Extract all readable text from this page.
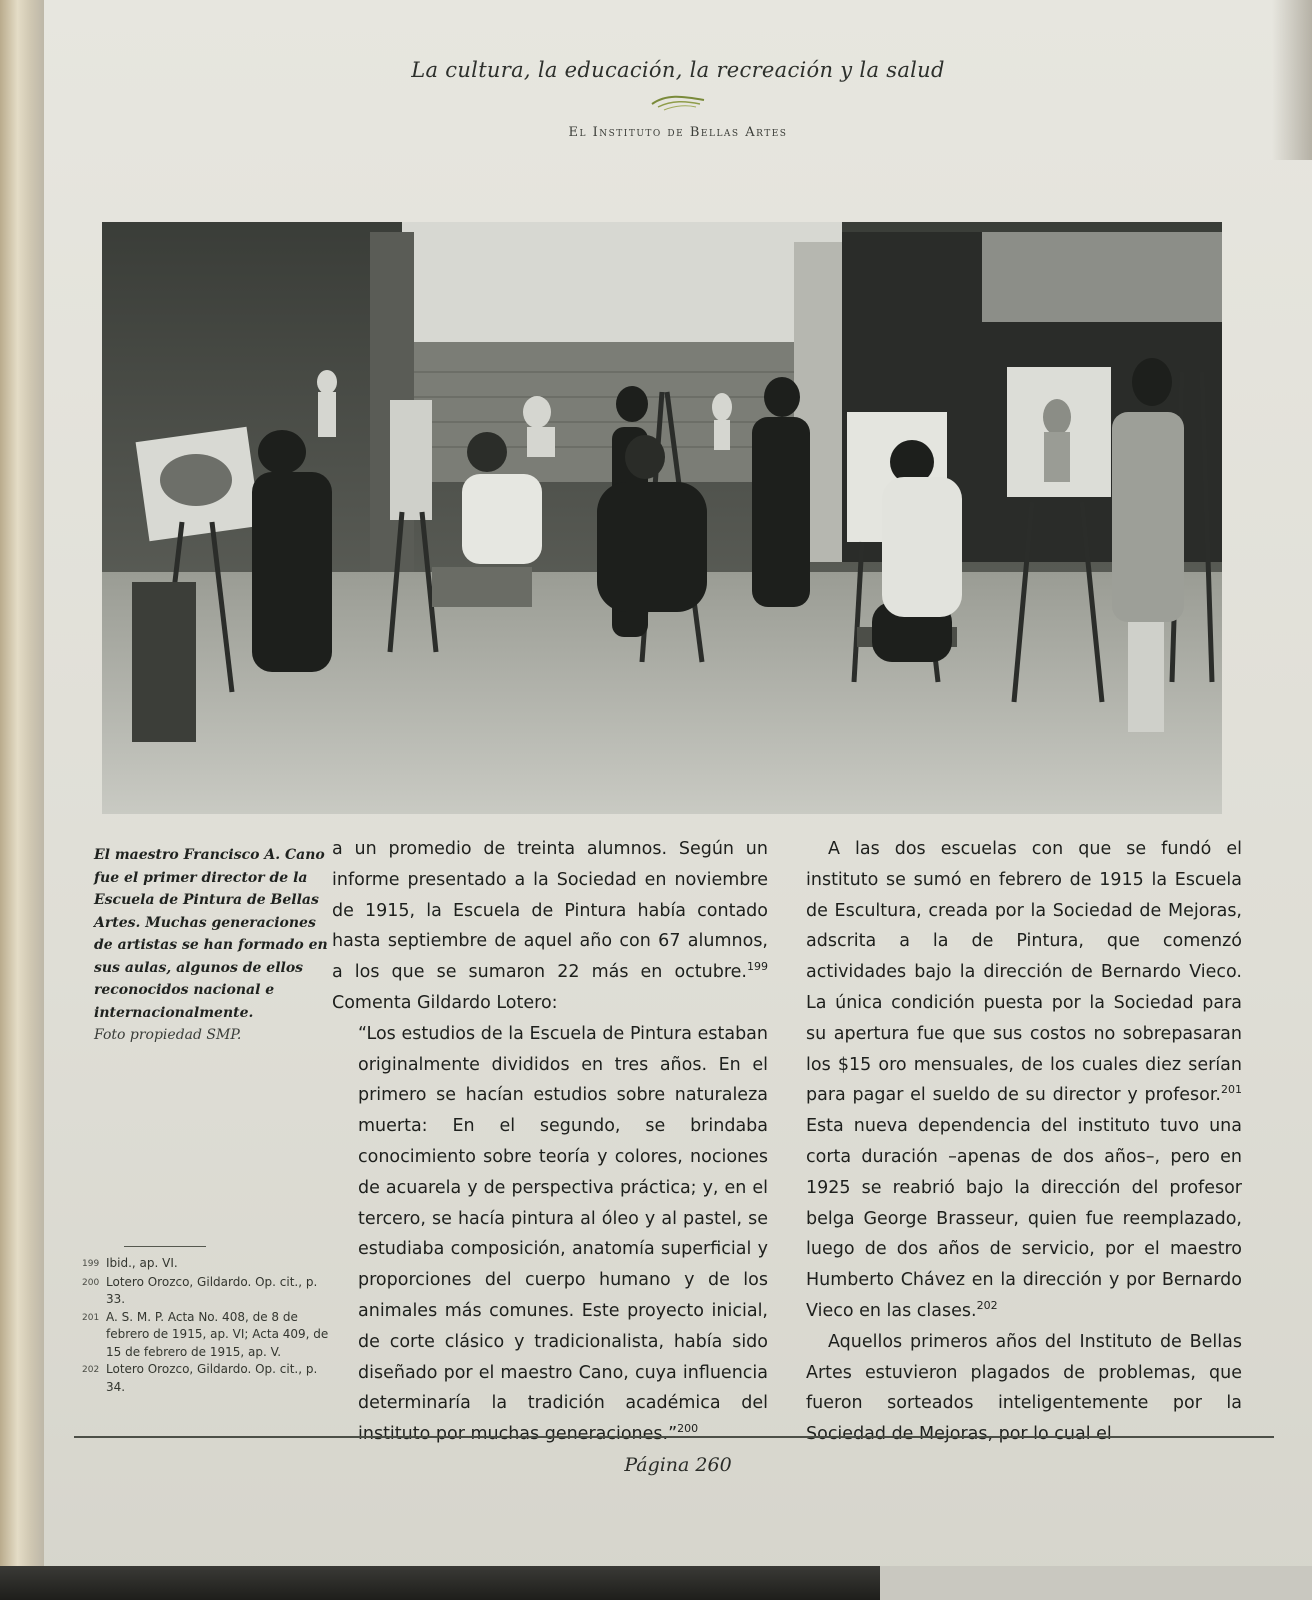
La cultura, la educación, la recreación y la salud
El Instituto de Bellas Artes
El maestro Francisco A. Cano fue el primer director de la Escuela de Pintura de Bellas Artes. Muchas generaciones de artistas se han formado en sus aulas, algunos de ellos reconocidos nacional e internacionalmente.
Foto propiedad SMP.
199 Ibid., ap. VI.
200 Lotero Orozco, Gildardo. Op. cit., p. 33.
201 A. S. M. P. Acta No. 408, de 8 de febrero de 1915, ap. VI; Acta 409, de 15 de febrero de 1915, ap. V.
202 Lotero Orozco, Gildardo. Op. cit., p. 34.

a un promedio de treinta alumnos. Según un informe presentado a la Sociedad en noviembre de 1915, la Escuela de Pintura había contado hasta septiembre de aquel año con 67 alumnos, a los que se sumaron 22 más en octubre.$^{199}$ Comenta Gildardo Lotero:

“Los estudios de la Escuela de Pintura estaban originalmente divididos en tres años. En el primero se hacían estudios sobre naturaleza muerta: En el segundo, se brindaba conocimiento sobre teoría y colores, nociones de acuarela y de perspectiva práctica; y, en el tercero, se hacía pintura al óleo y al pastel, se estudiaba composición, anatomía superficial y proporciones del cuerpo humano y de los animales más comunes. Este proyecto inicial, de corte clásico y tradicionalista, había sido diseñado por el maestro Cano, cuya influencia determinaría la tradición académica del instituto por muchas generaciones.”$^{200}$

A las dos escuelas con que se fundó el instituto se sumó en febrero de 1915 la Escuela de Escultura, creada por la Sociedad de Mejoras, adscrita a la de Pintura, que comenzó actividades bajo la dirección de Bernardo Vieco. La única condición puesta por la Sociedad para su apertura fue que sus costos no sobrepasaran los $15 oro mensuales, de los cuales diez serían para pagar el sueldo de su director y profesor.$^{201}$ Esta nueva dependencia del instituto tuvo una corta duración –apenas de dos años–, pero en 1925 se reabrió bajo la dirección del profesor belga George Brasseur, quien fue reemplazado, luego de dos años de servicio, por el maestro Humberto Chávez en la dirección y por Bernardo Vieco en las clases.$^{202}$

Aquellos primeros años del Instituto de Bellas Artes estuvieron plagados de problemas, que fueron sorteados inteligentemente por la Sociedad de Mejoras, por lo cual el

Página 260
